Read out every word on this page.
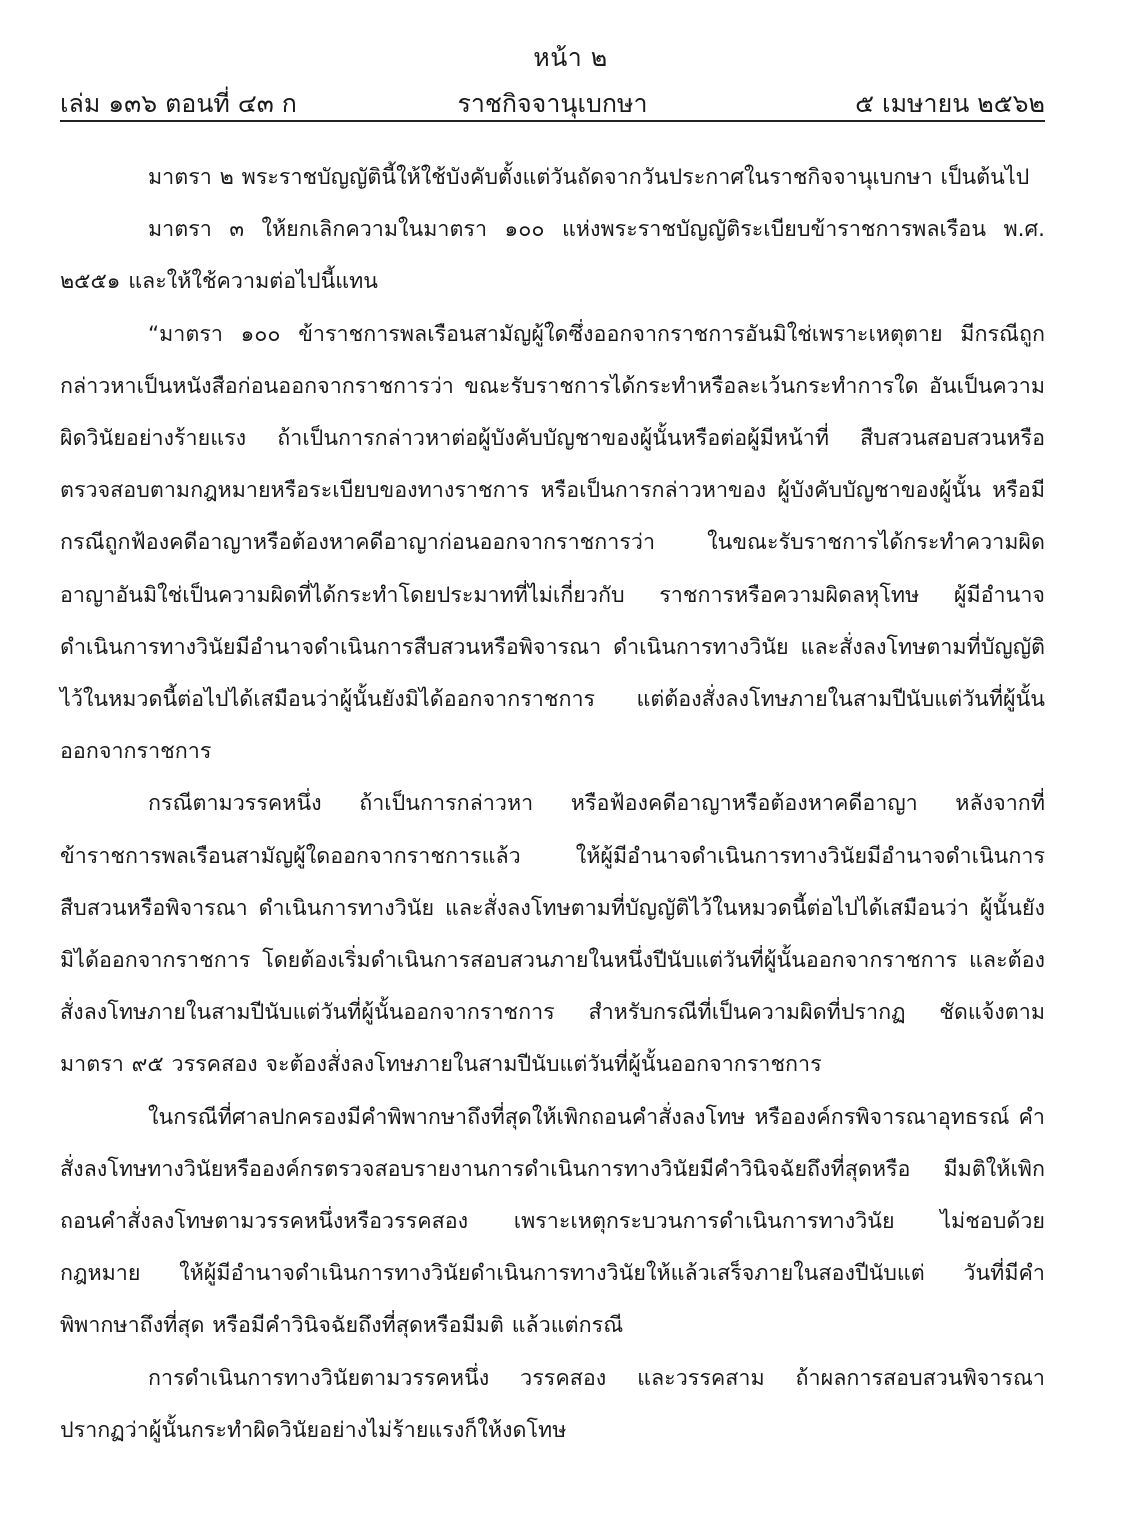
หน้า ๒
เล่ม ๑๓๖ ตอนที่ ๔๓ ก	ราชกิจจานุเบกษา	๕ เมษายน ๒๕๖๒

มาตรา ๒ พระราชบัญญัตินี้ให้ใช้บังคับตั้งแต่วันถัดจากวันประกาศในราชกิจจานุเบกษา เป็นต้นไป

มาตรา ๓ ให้ยกเลิกความในมาตรา ๑๐๐ แห่งพระราชบัญญัติระเบียบข้าราชการพลเรือน พ.ศ. ๒๕๕๑ และให้ใช้ความต่อไปนี้แทน

“มาตรา ๑๐๐ ข้าราชการพลเรือนสามัญผู้ใดซึ่งออกจากราชการอันมิใช่เพราะเหตุตาย มีกรณีถูกกล่าวหาเป็นหนังสือก่อนออกจากราชการว่า ขณะรับราชการได้กระทำหรือละเว้นกระทำการใด อันเป็นความผิดวินัยอย่างร้ายแรง ถ้าเป็นการกล่าวหาต่อผู้บังคับบัญชาของผู้นั้นหรือต่อผู้มีหน้าที่ สืบสวนสอบสวนหรือตรวจสอบตามกฎหมายหรือระเบียบของทางราชการ หรือเป็นการกล่าวหาของ ผู้บังคับบัญชาของผู้นั้น หรือมีกรณีถูกฟ้องคดีอาญาหรือต้องหาคดีอาญาก่อนออกจากราชการว่า ในขณะรับราชการได้กระทำความผิดอาญาอันมิใช่เป็นความผิดที่ได้กระทำโดยประมาทที่ไม่เกี่ยวกับ ราชการหรือความผิดลหุโทษ ผู้มีอำนาจดำเนินการทางวินัยมีอำนาจดำเนินการสืบสวนหรือพิจารณา ดำเนินการทางวินัย และสั่งลงโทษตามที่บัญญัติไว้ในหมวดนี้ต่อไปได้เสมือนว่าผู้นั้นยังมิได้ออกจากราชการ แต่ต้องสั่งลงโทษภายในสามปีนับแต่วันที่ผู้นั้นออกจากราชการ

กรณีตามวรรคหนึ่ง ถ้าเป็นการกล่าวหา หรือฟ้องคดีอาญาหรือต้องหาคดีอาญา หลังจากที่ ข้าราชการพลเรือนสามัญผู้ใดออกจากราชการแล้ว ให้ผู้มีอำนาจดำเนินการทางวินัยมีอำนาจดำเนินการ สืบสวนหรือพิจารณา ดำเนินการทางวินัย และสั่งลงโทษตามที่บัญญัติไว้ในหมวดนี้ต่อไปได้เสมือนว่า ผู้นั้นยังมิได้ออกจากราชการ โดยต้องเริ่มดำเนินการสอบสวนภายในหนึ่งปีนับแต่วันที่ผู้นั้นออกจากราชการ และต้องสั่งลงโทษภายในสามปีนับแต่วันที่ผู้นั้นออกจากราชการ สำหรับกรณีที่เป็นความผิดที่ปรากฏ ชัดแจ้งตามมาตรา ๙๕ วรรคสอง จะต้องสั่งลงโทษภายในสามปีนับแต่วันที่ผู้นั้นออกจากราชการ

ในกรณีที่ศาลปกครองมีคำพิพากษาถึงที่สุดให้เพิกถอนคำสั่งลงโทษ หรือองค์กรพิจารณาอุทธรณ์ คำสั่งลงโทษทางวินัยหรือองค์กรตรวจสอบรายงานการดำเนินการทางวินัยมีคำวินิจฉัยถึงที่สุดหรือ มีมติให้เพิกถอนคำสั่งลงโทษตามวรรคหนึ่งหรือวรรคสอง เพราะเหตุกระบวนการดำเนินการทางวินัย ไม่ชอบด้วยกฎหมาย ให้ผู้มีอำนาจดำเนินการทางวินัยดำเนินการทางวินัยให้แล้วเสร็จภายในสองปีนับแต่ วันที่มีคำพิพากษาถึงที่สุด หรือมีคำวินิจฉัยถึงที่สุดหรือมีมติ แล้วแต่กรณี

การดำเนินการทางวินัยตามวรรคหนึ่ง วรรคสอง และวรรคสาม ถ้าผลการสอบสวนพิจารณา ปรากฏว่าผู้นั้นกระทำผิดวินัยอย่างไม่ร้ายแรงก็ให้งดโทษ
